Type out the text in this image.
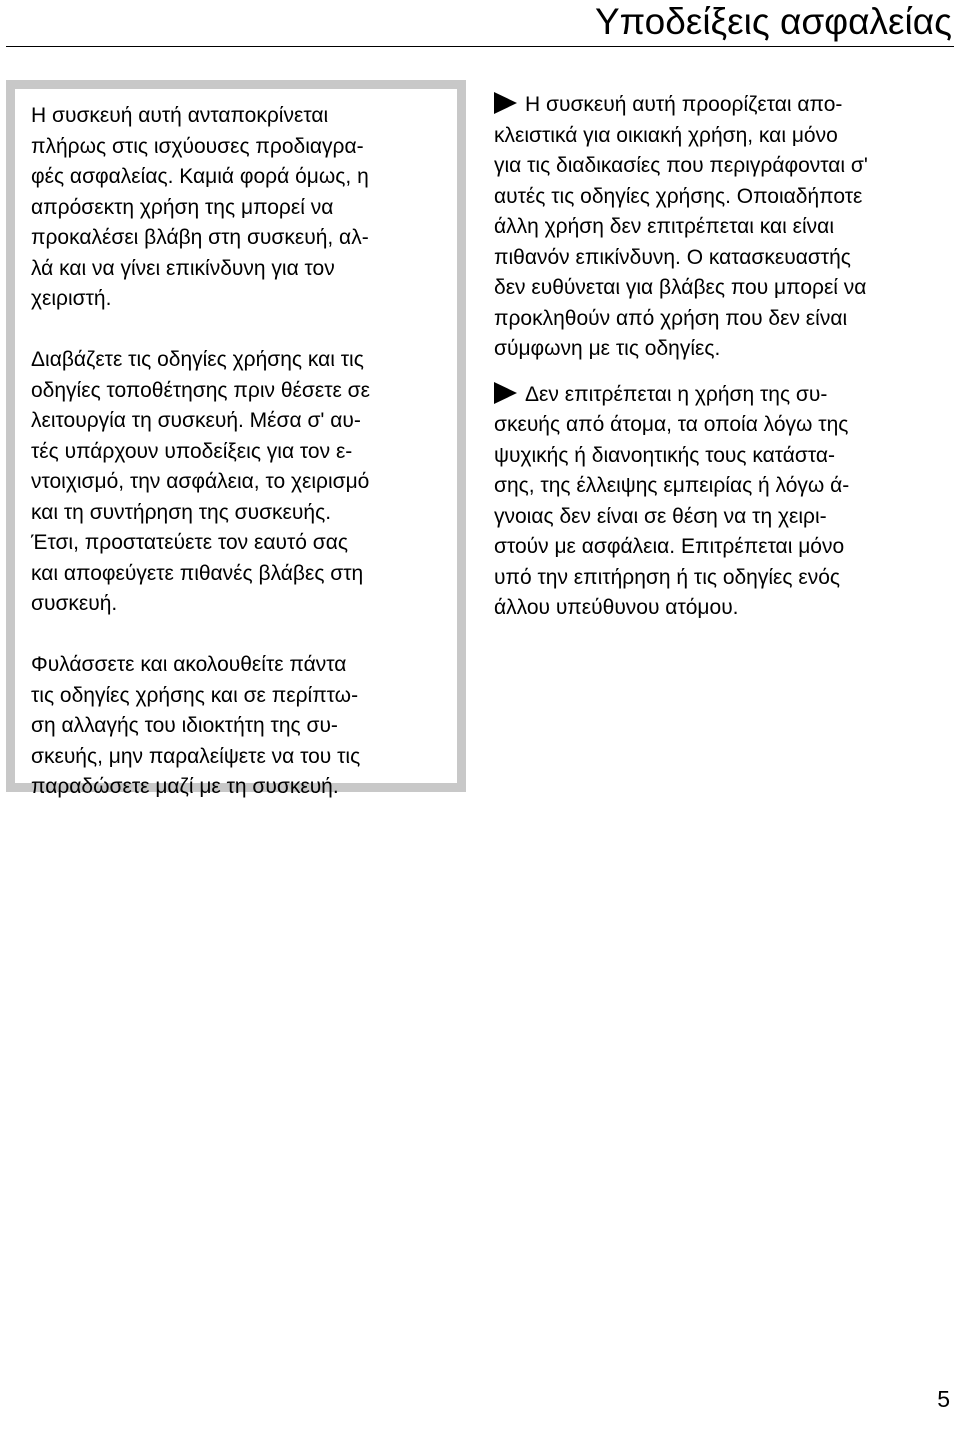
Υποδείξεις ασφαλείας

Η συσκευή αυτή ανταποκρίνεται
πλήρως στις ισχύουσες προδιαγρα-
φές ασφαλείας. Καμιά φορά όμως, η
απρόσεκτη χρήση της μπορεί να
προκαλέσει βλάβη στη συσκευή, αλ-
λά και να γίνει επικίνδυνη για τον
χειριστή.

Διαβάζετε τις οδηγίες χρήσης και τις
οδηγίες τοποθέτησης πριν θέσετε σε
λειτουργία τη συσκευή. Μέσα σ' αυ-
τές υπάρχουν υποδείξεις για τον ε-
ντοιχισμό, την ασφάλεια, το χειρισμό
και τη συντήρηση της συσκευής.
Έτσι, προστατεύετε τον εαυτό σας
και αποφεύγετε πιθανές βλάβες στη
συσκευή.

Φυλάσσετε και ακολουθείτε πάντα
τις οδηγίες χρήσης και σε περίπτω-
ση αλλαγής του ιδιοκτήτη της συ-
σκευής, μην παραλείψετε να του τις
παραδώσετε μαζί με τη συσκευή.

Η συσκευή αυτή προορίζεται απο-
κλειστικά για οικιακή χρήση, και μόνο
για τις διαδικασίες που περιγράφονται σ'
αυτές τις οδηγίες χρήσης. Οποιαδήποτε
άλλη χρήση δεν επιτρέπεται και είναι
πιθανόν επικίνδυνη. Ο κατασκευαστής
δεν ευθύνεται για βλάβες που μπορεί να
προκληθούν από χρήση που δεν είναι
σύμφωνη με τις οδηγίες.
Δεν επιτρέπεται η χρήση της συ-
σκευής από άτομα, τα οποία λόγω της
ψυχικής ή διανοητικής τους κατάστα-
σης, της έλλειψης εμπειρίας ή λόγω ά-
γνοιας δεν είναι σε θέση να τη χειρι-
στούν με ασφάλεια. Επιτρέπεται μόνο
υπό την επιτήρηση ή τις οδηγίες ενός
άλλου υπεύθυνου ατόμου.
5
